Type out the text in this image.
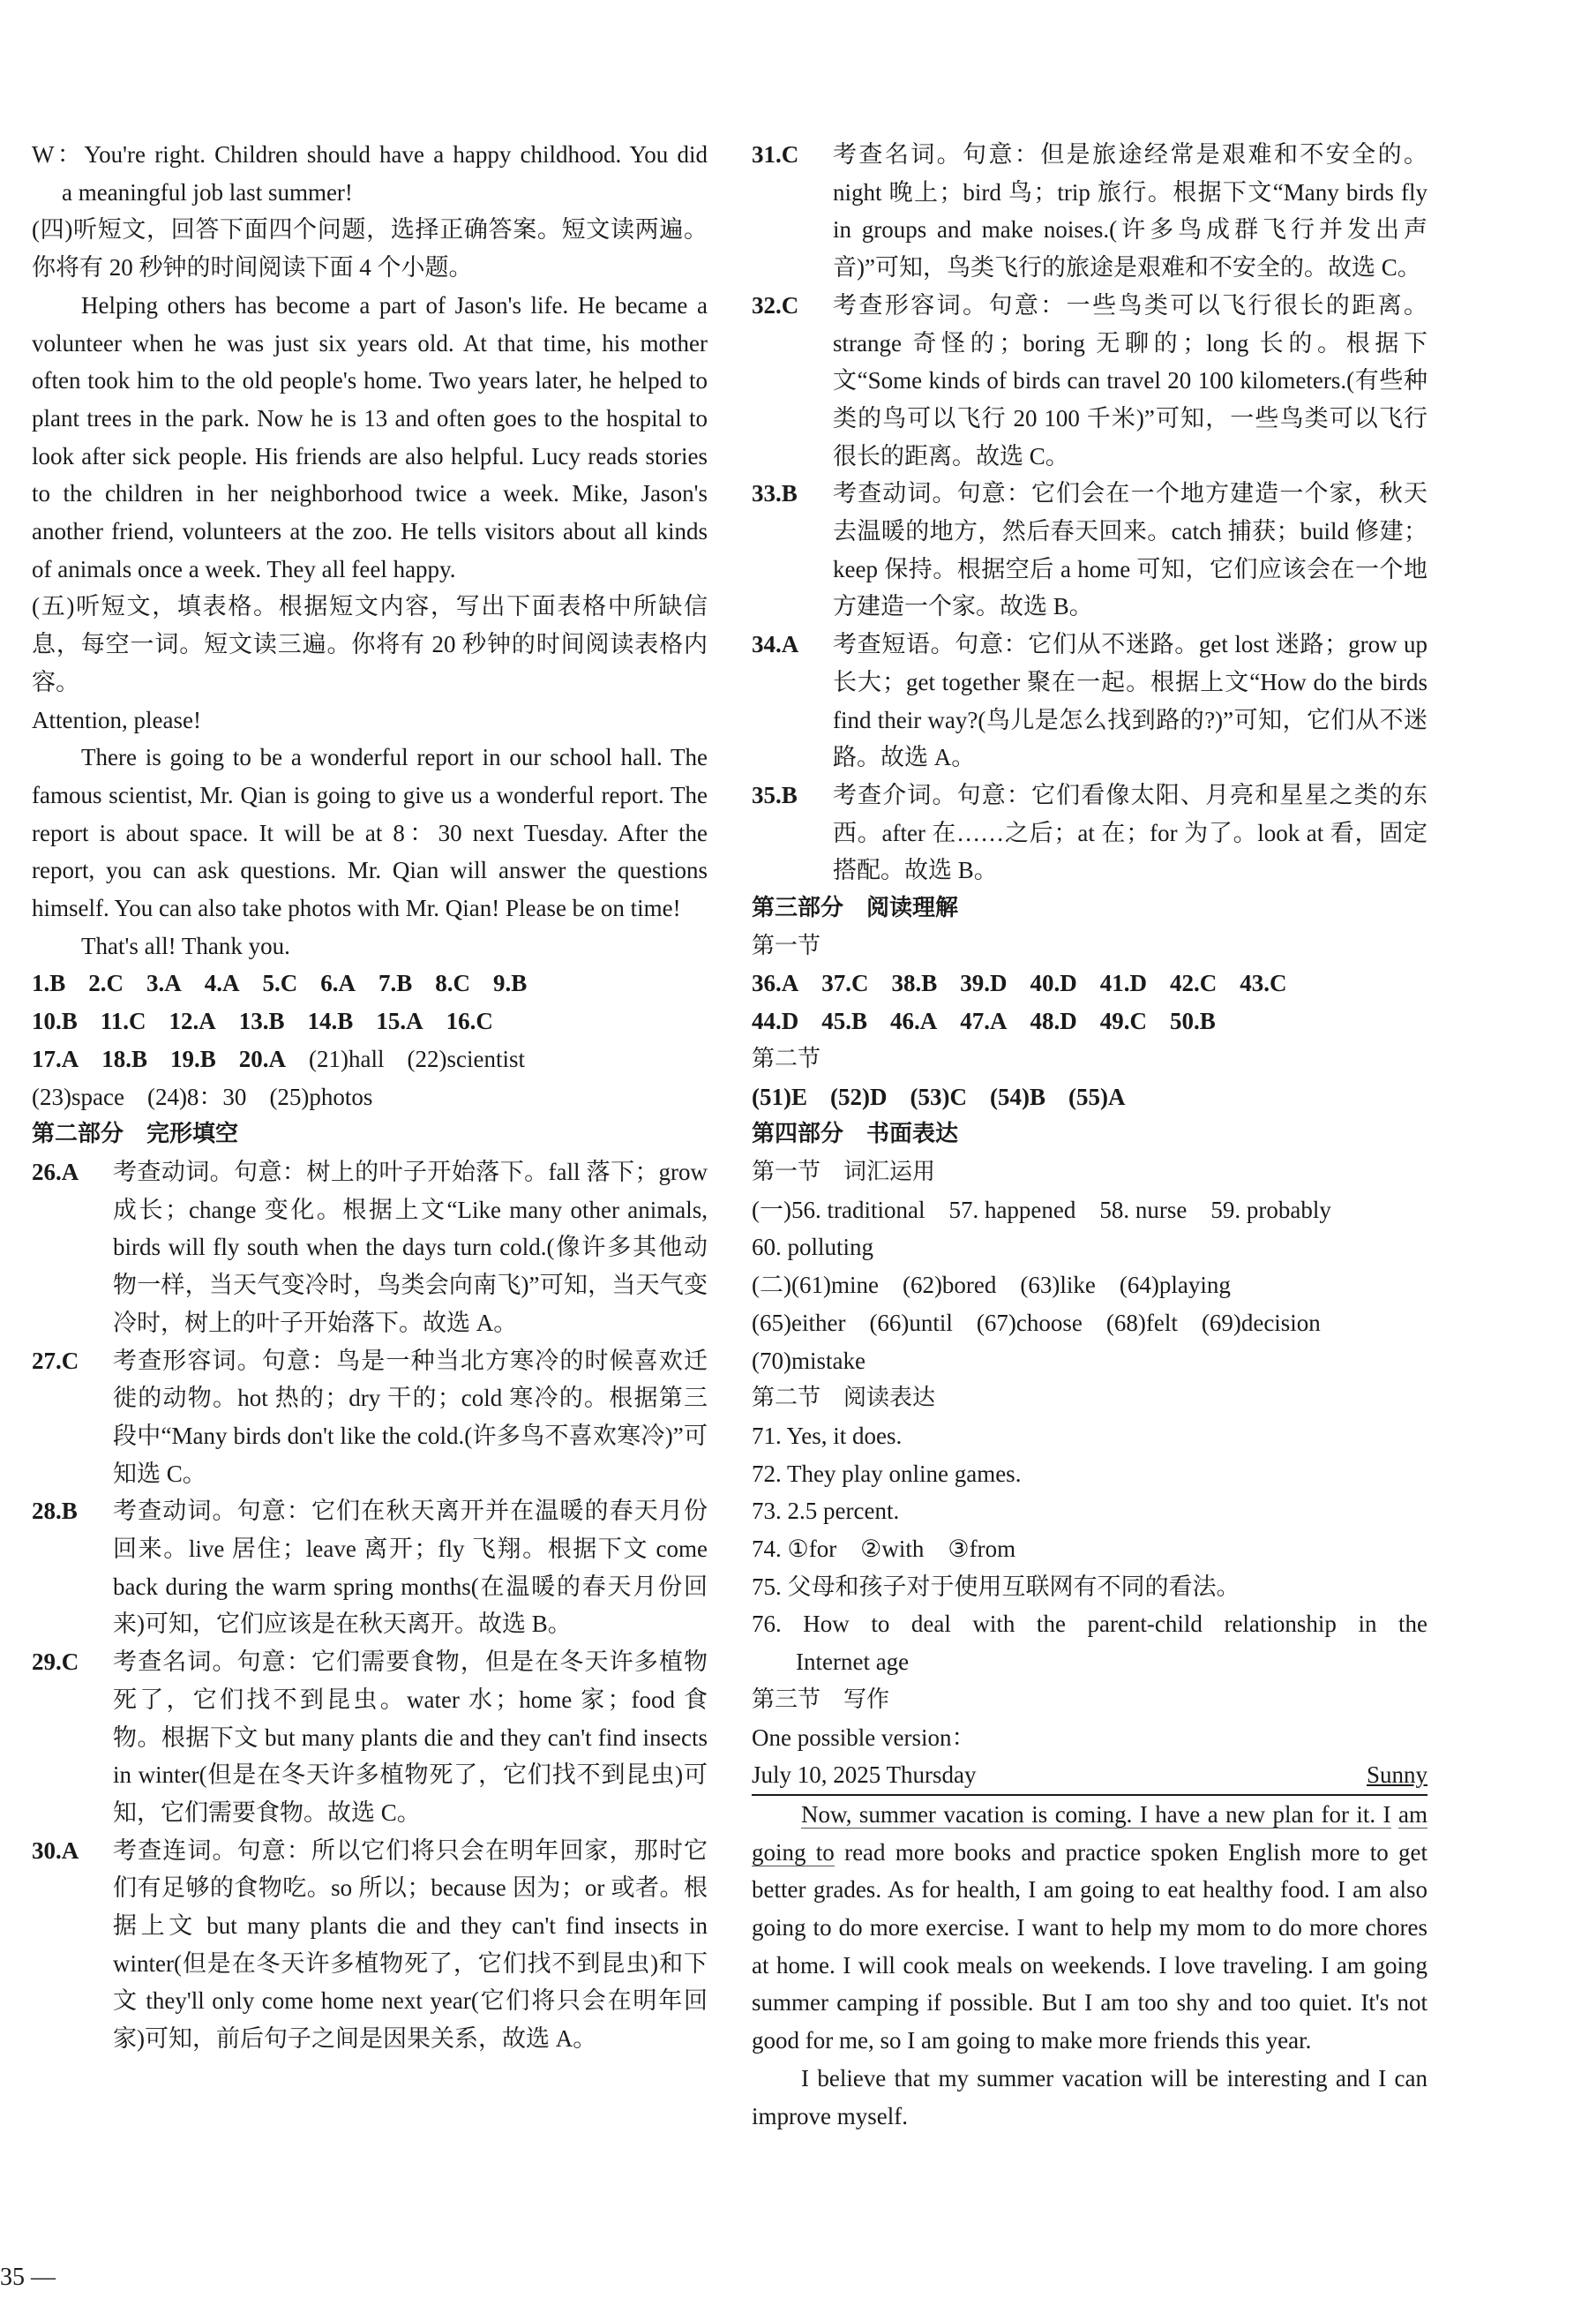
W：You're right. Children should have a happy childhood. You did

a meaningful job last summer!

(四)听短文，回答下面四个问题，选择正确答案。短文读两遍。你将有 20 秒钟的时间阅读下面 4 个小题。

Helping others has become a part of Jason's life. He became a volunteer when he was just six years old. At that time, his mother often took him to the old people's home. Two years later, he helped to plant trees in the park. Now he is 13 and often goes to the hospital to look after sick people. His friends are also helpful. Lucy reads stories to the children in her neighborhood twice a week. Mike, Jason's another friend, volunteers at the zoo. He tells visitors about all kinds of animals once a week. They all feel happy.

(五)听短文，填表格。根据短文内容，写出下面表格中所缺信息，每空一词。短文读三遍。你将有 20 秒钟的时间阅读表格内容。

Attention, please!

There is going to be a wonderful report in our school hall. The famous scientist, Mr. Qian is going to give us a wonderful report. The report is about space. It will be at 8：30 next Tuesday. After the report, you can ask questions. Mr. Qian will answer the questions himself. You can also take photos with Mr. Qian! Please be on time!

That's all! Thank you.

1.B 2.C 3.A 4.A 5.C 6.A 7.B 8.C 9.B
10.B 11.C 12.A 13.B 14.B 15.A 16.C
17.A 18.B 19.B 20.A (21)hall (22)scientist
(23)space (24)8：30 (25)photos

第二部分　完形填空

26.A	考查动词。句意：树上的叶子开始落下。fall 落下；grow 成长；change 变化。根据上文“Like many other animals, birds will fly south when the days turn cold.(像许多其他动物一样，当天气变冷时，鸟类会向南飞)”可知，当天气变冷时，树上的叶子开始落下。故选 A。
27.C	考查形容词。句意：鸟是一种当北方寒冷的时候喜欢迁徙的动物。hot 热的；dry 干的；cold 寒冷的。根据第三段中“Many birds don't like the cold.(许多鸟不喜欢寒冷)”可知选 C。
28.B	考查动词。句意：它们在秋天离开并在温暖的春天月份回来。live 居住；leave 离开；fly 飞翔。根据下文 come back during the warm spring months(在温暖的春天月份回来)可知，它们应该是在秋天离开。故选 B。
29.C	考查名词。句意：它们需要食物，但是在冬天许多植物死了，它们找不到昆虫。water 水；home 家；food 食物。根据下文 but many plants die and they can't find insects in winter(但是在冬天许多植物死了，它们找不到昆虫)可知，它们需要食物。故选 C。
30.A	考查连词。句意：所以它们将只会在明年回家，那时它们有足够的食物吃。so 所以；because 因为；or 或者。根据上文 but many plants die and they can't find insects in winter(但是在冬天许多植物死了，它们找不到昆虫)和下文 they'll only come home next year(它们将只会在明年回家)可知，前后句子之间是因果关系，故选 A。
31.C	考查名词。句意：但是旅途经常是艰难和不安全的。night 晚上；bird 鸟；trip 旅行。根据下文“Many birds fly in groups and make noises.(许多鸟成群飞行并发出声音)”可知，鸟类飞行的旅途是艰难和不安全的。故选 C。
32.C	考查形容词。句意：一些鸟类可以飞行很长的距离。strange 奇怪的；boring 无聊的；long 长的。根据下文“Some kinds of birds can travel 20 100 kilometers.(有些种类的鸟可以飞行 20 100 千米)”可知，一些鸟类可以飞行很长的距离。故选 C。
33.B	考查动词。句意：它们会在一个地方建造一个家，秋天去温暖的地方，然后春天回来。catch 捕获；build 修建；keep 保持。根据空后 a home 可知，它们应该会在一个地方建造一个家。故选 B。
34.A	考查短语。句意：它们从不迷路。get lost 迷路；grow up 长大；get together 聚在一起。根据上文“How do the birds find their way?(鸟儿是怎么找到路的?)”可知，它们从不迷路。故选 A。
35.B	考查介词。句意：它们看像太阳、月亮和星星之类的东西。after 在……之后；at 在；for 为了。look at 看，固定搭配。故选 B。

第三部分　阅读理解

第一节

36.A 37.C 38.B 39.D 40.D 41.D 42.C 43.C
44.D 45.B 46.A 47.A 48.D 49.C 50.B

第二节

(51)E (52)D (53)C (54)B (55)A

第四部分　书面表达

第一节　词汇运用

(一)56. traditional　57. happened　58. nurse　59. probably

60. polluting

(二)(61)mine　(62)bored　(63)like　(64)playing

(65)either　(66)until　(67)choose　(68)felt　(69)decision

(70)mistake

第二节　阅读表达

71. Yes, it does.

72. They play online games.

73. 2.5 percent.

74. ①for　②with　③from

75. 父母和孩子对于使用互联网有不同的看法。

76. How to deal with the parent-child relationship in the

Internet age

第三节　写作

One possible version：

July 10, 2025 Thursday	Sunny

Now, summer vacation is coming. I have a new plan for it. I am going to read more books and practice spoken English more to get better grades. As for health, I am going to eat healthy food. I am also going to do more exercise. I want to help my mom to do more chores at home. I will cook meals on weekends. I love traveling. I am going summer camping if possible. But I am too shy and too quiet. It's not good for me, so I am going to make more friends this year.

I believe that my summer vacation will be interesting and I can improve myself.

35 —
